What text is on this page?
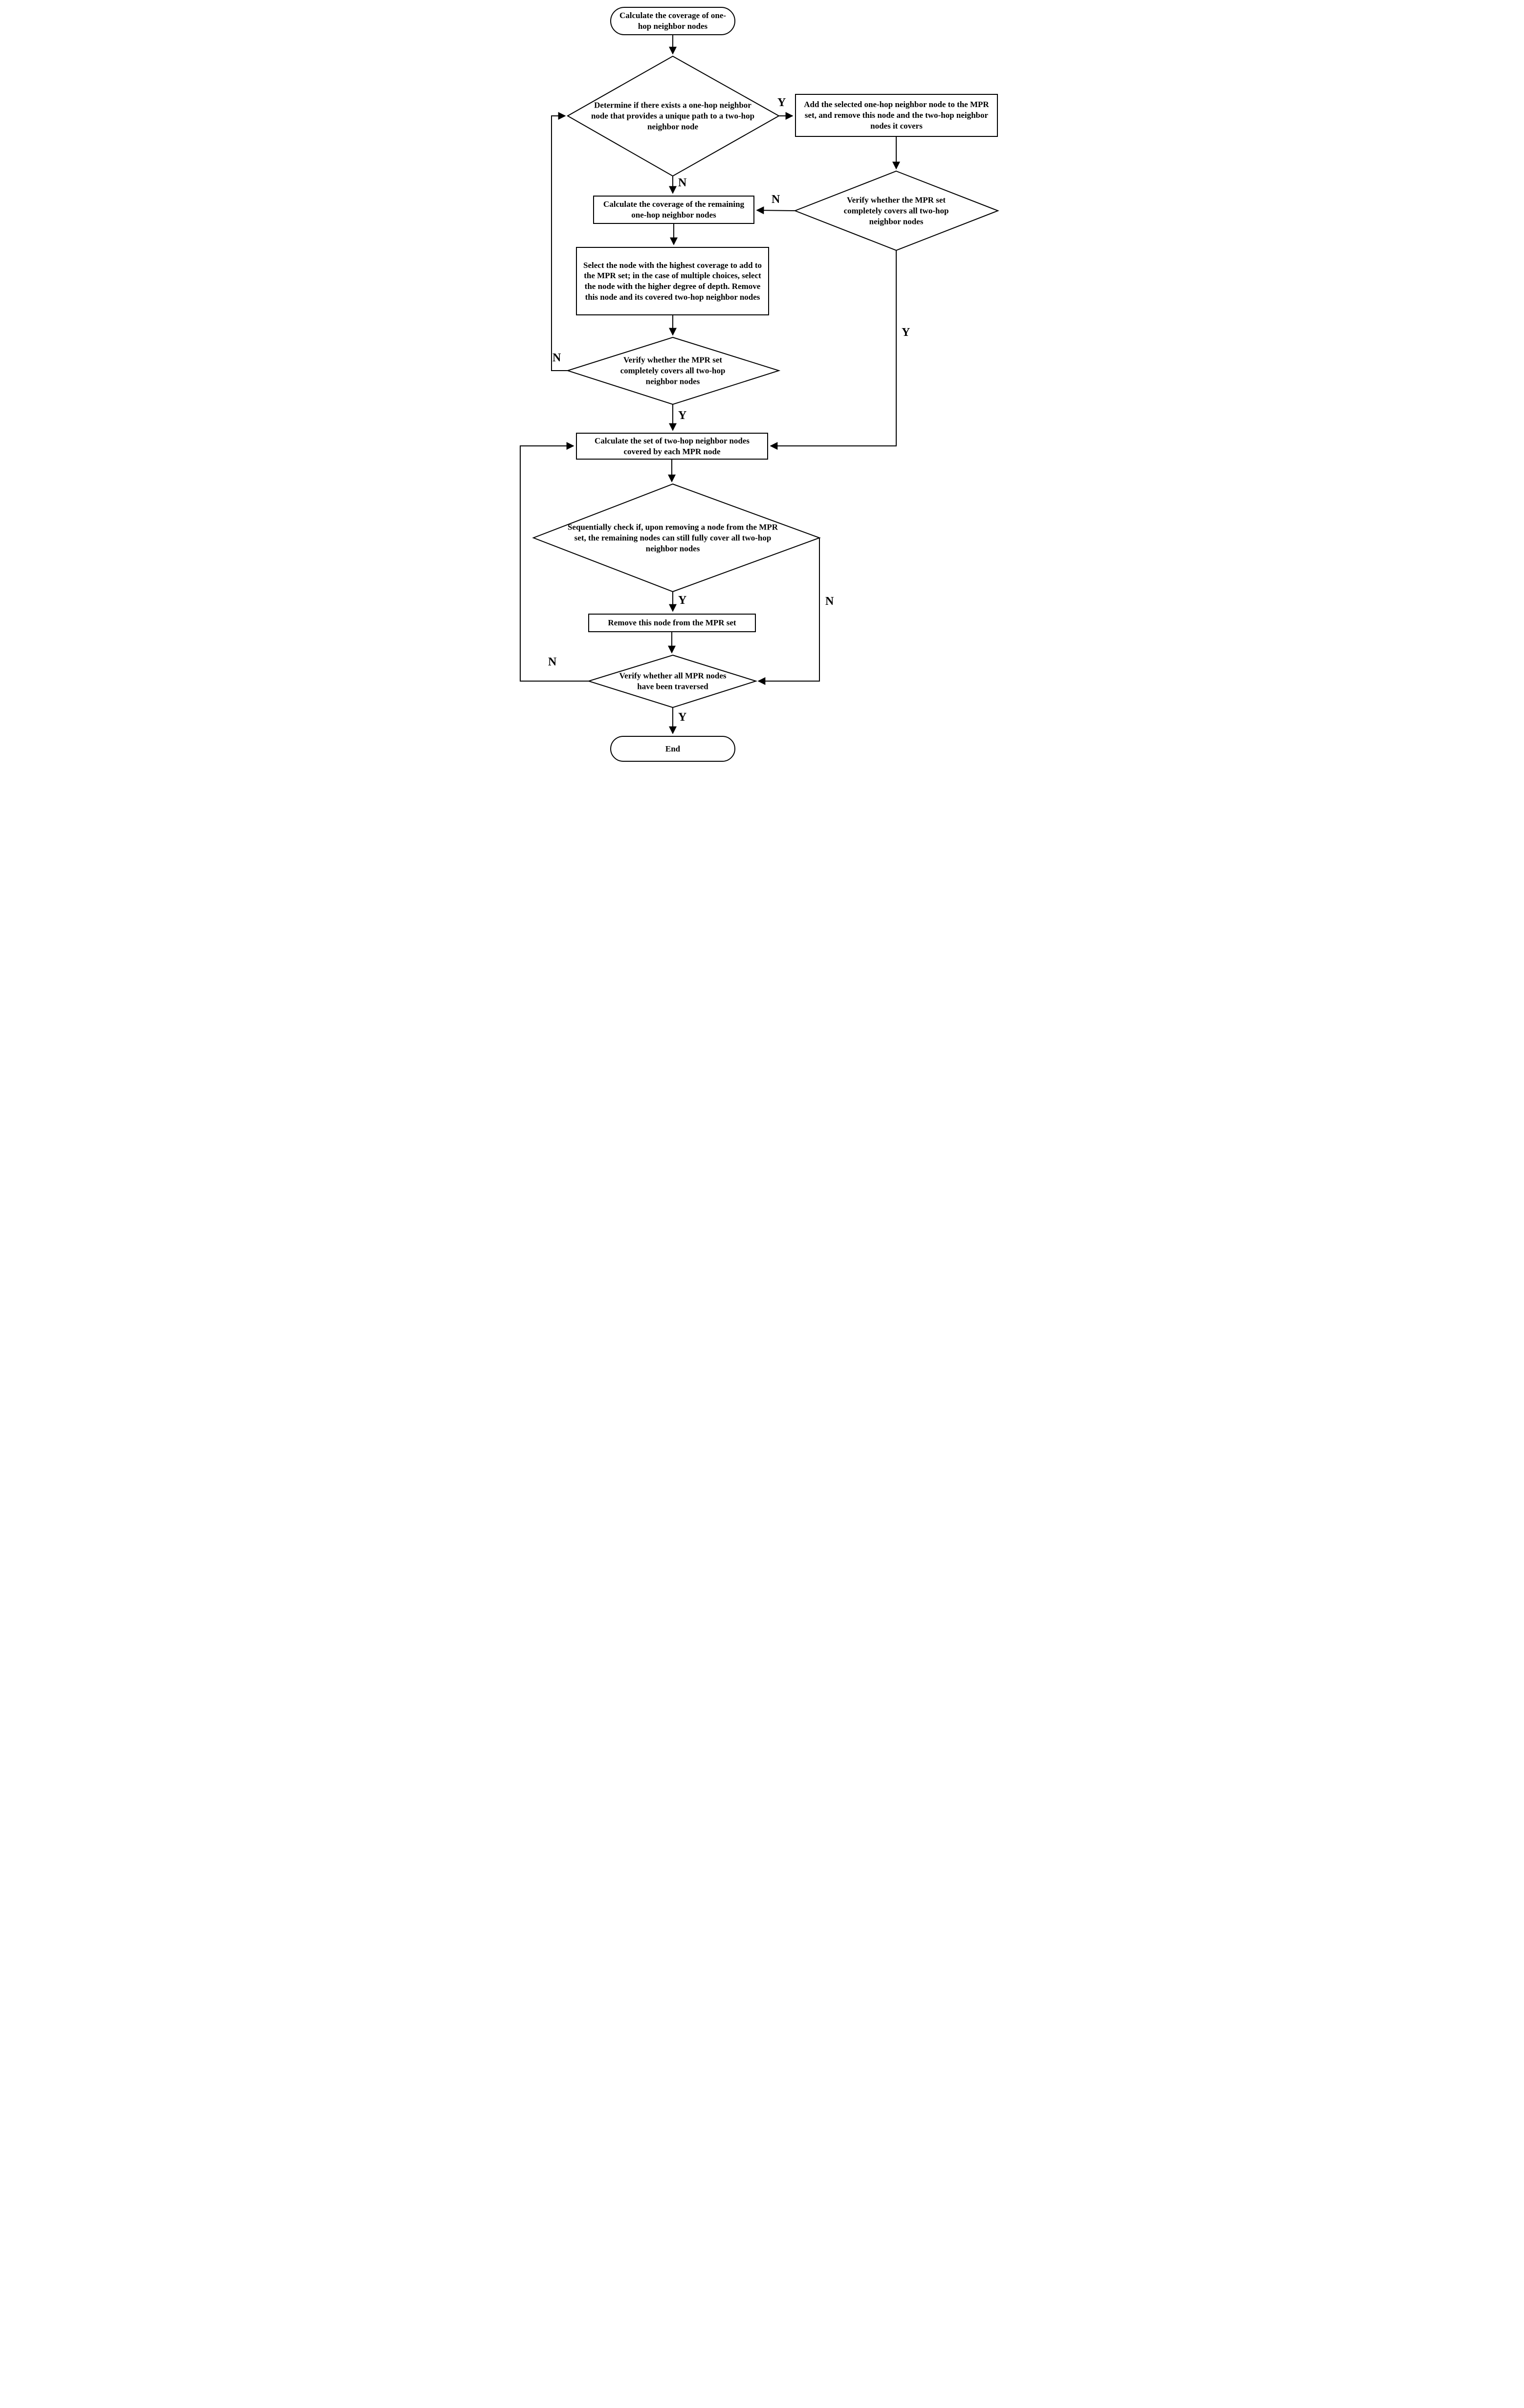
Calculate the coverage of one-hop neighbor nodes
Add the selected one-hop neighbor node to the MPR set, and remove this node and the two-hop neighbor nodes it covers
Calculate the coverage of the remaining one-hop neighbor nodes
Select the node with the highest coverage to add to the MPR set; in the case of multiple choices, select the node with the higher degree of depth. Remove this node and its covered two-hop neighbor nodes
Calculate the set of two-hop neighbor nodes covered by each MPR node
Remove this node from the MPR set
End
Determine if there exists a one-hop neighbor node that provides a unique path to a two-hop neighbor node
Verify whether the MPR set completely covers all two-hop neighbor nodes
Verify whether the MPR set completely covers all two-hop neighbor nodes
Sequentially check if, upon removing a node from the MPR set, the remaining nodes can still fully cover all two-hop neighbor nodes
Verify whether all MPR nodes have been traversed
Y
N
N
Y
N
Y
Y	N
N
Y
